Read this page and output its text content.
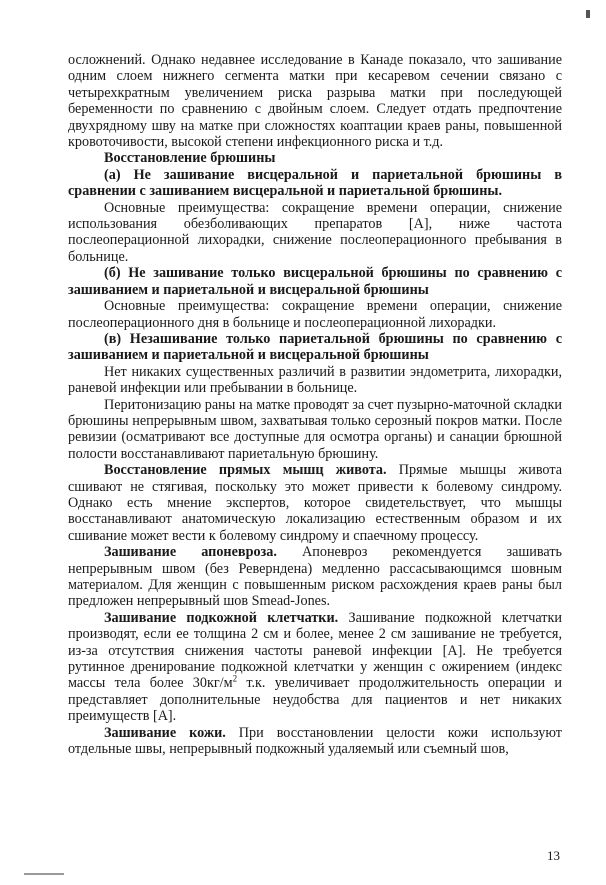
осложнений. Однако недавнее исследование в Канаде показало, что зашивание одним слоем нижнего сегмента матки при кесаревом сечении связано с четырехкратным увеличением риска разрыва матки при последующей беременности по сравнению с двойным слоем. Следует отдать предпочтение двухрядному шву на матке при сложностях коаптации краев раны, повышенной кровоточивости, высокой степени инфекционного риска и т.д.

Восстановление брюшины

(а) Не зашивание висцеральной и париетальной брюшины в сравнении с зашиванием висцеральной и париетальной брюшины.

Основные преимущества: сокращение времени операции, снижение использования обезболивающих препаратов [A], ниже частота послеоперационной лихорадки, снижение послеоперационного пребывания в больнице.

(б) Не зашивание только висцеральной брюшины по сравнению с зашиванием и париетальной и висцеральной брюшины

Основные преимущества: сокращение времени операции, снижение послеоперационного дня в больнице и послеоперационной лихорадки.

(в) Незашивание только париетальной брюшины по сравнению с зашиванием и париетальной и висцеральной брюшины

Нет никаких существенных различий в развитии эндометрита, лихорадки, раневой инфекции или пребывании в больнице.

Перитонизацию раны на матке проводят за счет пузырно-маточной складки брюшины непрерывным швом, захватывая только серозный покров матки. После ревизии (осматривают все доступные для осмотра органы) и санации брюшной полости восстанавливают париетальную брюшину.

Восстановление прямых мышц живота. Прямые мышцы живота сшивают не стягивая, поскольку это может привести к болевому синдрому. Однако есть мнение экспертов, которое свидетельствует, что мышцы восстанавливают анатомическую локализацию естественным образом и их сшивание может вести к болевому синдрому и спаечному процессу.

Зашивание апоневроза. Апоневроз рекомендуется зашивать непрерывным швом (без Реверндена) медленно рассасывающимся шовным материалом. Для женщин с повышенным риском расхождения краев раны был предложен непрерывный шов Smead-Jones.

Зашивание подкожной клетчатки. Зашивание подкожной клетчатки производят, если ее толщина 2 см и более, менее 2 см зашивание не требуется, из-за отсутствия снижения частоты раневой инфекции [A]. Не требуется рутинное дренирование подкожной клетчатки у женщин с ожирением (индекс массы тела более $30кг/м^2$ т.к. увеличивает продолжительность операции и представляет дополнительные неудобства для пациентов и нет никаких преимуществ [A].

Зашивание кожи. При восстановлении целости кожи используют отдельные швы, непрерывный подкожный удаляемый или съемный шов,

13
